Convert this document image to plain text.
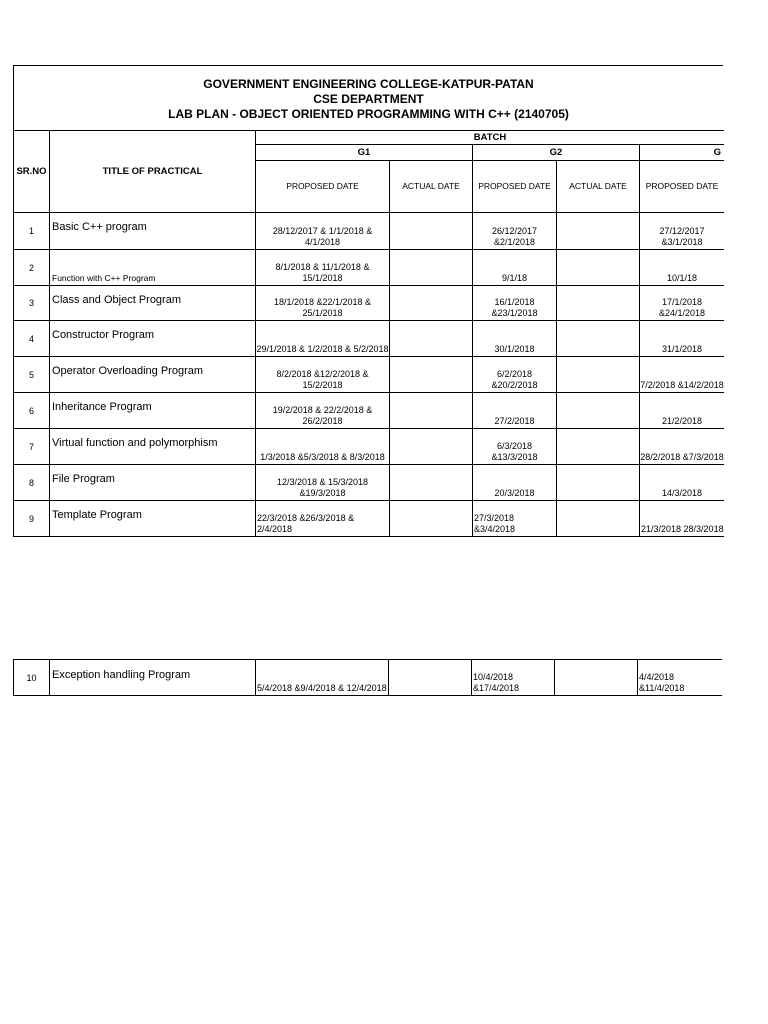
GOVERNMENT ENGINEERING COLLEGE-KATPUR-PATAN
CSE DEPARTMENT
LAB PLAN - OBJECT ORIENTED PROGRAMMING WITH C++ (2140705)
SR.NO	TITLE OF PRACTICAL	BATCH				
		G1		G2		G
		PROPOSED DATE	ACTUAL DATE	PROPOSED DATE	ACTUAL DATE	PROPOSED DATE
1	Basic C++ program	28/12/2017 & 1/1/2018 & 4/1/2018		26/12/2017 &2/1/2018		27/12/2017 &3/1/2018
2	Function with C++ Program	8/1/2018 & 11/1/2018 & 15/1/2018		9/1/18		10/1/18
3	Class and Object Program	18/1/2018 &22/1/2018 & 25/1/2018		16/1/2018 &23/1/2018		17/1/2018 &24/1/2018
4	Constructor Program	29/1/2018 & 1/2/2018 & 5/2/2018		30/1/2018		31/1/2018
5	Operator Overloading Program	8/2/2018 &12/2/2018 & 15/2/2018		6/2/2018 &20/2/2018		7/2/2018 &14/2/2018
6	Inheritance Program	19/2/2018 & 22/2/2018 & 26/2/2018		27/2/2018		21/2/2018
7	Virtual function and polymorphism	1/3/2018 &5/3/2018 & 8/3/2018		6/3/2018 &13/3/2018		28/2/2018 &7/3/2018
8	File Program	12/3/2018 & 15/3/2018 &19/3/2018		20/3/2018		14/3/2018
9	Template Program	22/3/2018 &26/3/2018 & 2/4/2018		27/3/2018 &3/4/2018		21/3/2018 28/3/2018
10	Exception handling Program	5/4/2018 &9/4/2018 & 12/4/2018		10/4/2018 &17/4/2018		4/4/2018 &11/4/2018
